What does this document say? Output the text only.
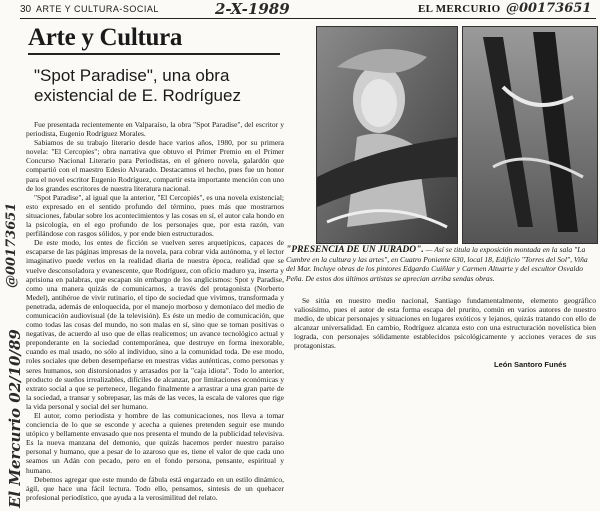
30 ARTE Y CULTURA-SOCIAL	2-X-1989	EL MERCURIO @00173651
@00173651
El Mercurio 02/10/89
Arte y Cultura
"Spot Paradise", una obra existencial de E. Rodríguez

Fue presentada recientemente en Valparaíso, la obra "Spot Paradise", del escritor y periodista, Eugenio Rodríguez Morales.

Sabiamos de su trabajo literario desde hace varios años, 1980, por su primera novela: "El Cercopies"; obra narrativa que obtuvo el Primer Premio en el Primer Concurso Nacional Literario para Periodistas, en el género novela, galardón que compartió con el maestro Edesio Alvarado. Destacamos el hecho, pues fue un honor para el novel escritor Eugenio Rodríguez, compartir esta importante mención con uno de los grandes escritores de nuestra literatura nacional.

"Spot Paradise", al igual que la anterior, "El Cercopiés", es una novela existencial; esto expresado en el sentido profundo del término, pues más que mostrarnos situaciones, fabular sobre los acontecimientos y las cosas en sí, el autor cala hondo en la psicología, en el ego profundo de los personajes que, por esta razón, van perfilándose con rasgos sólidos, y por ende bien estructurados.

De este modo, los entes de ficción se vuelven seres arquetípicos, capaces de escaparse de las páginas impresas de la novela, para cobrar vida autónoma, y el lector imaginativo puede verlos en la realidad diaria de nuestra época, realidad que se vuelve desconsoladora y evanescente, que Rodríguez, con oficio maduro ya, inserta y aprisiona en palabras, que escapan sin embargo de los anglicismos: Spot y Paradise, como una manera quizás de comunicarnos, a través del protagonista (Norberto Medel), antihéroe de vivir rutinario, el tipo de sociedad que vivimos, transformada y penetrada, además de enloquecida, por el manejo morboso y demoníaco del medio de comunicación audiovisual (de la televisión). Es éste un medio de comunicación, que como todas las cosas del mundo, no son malas en sí, sino que se tornan positivas o negativas, de acuerdo al uso que de ellas realicemos; un avance tecnológico actual y preponderante en la sociedad contemporánea, que destruye en forma inexorable, cuando es mal usado, no sólo al individuo, sino a la comunidad toda. De ese modo, roles sociales que deben desempeñarse en nuestras vidas auténticas, como personas y seres humanos, son distorsionados y arrasados por la "caja idiota". Todo lo anterior, producto de sueños irrealizables, difíciles de alcanzar, por limitaciones económicas y extrato social a que se pertenece, llegando finalmente a arrastrar a una gran parte de la sociedad, a transar y sobrepasar, las más de las veces, la escala de valores que rige la vida personal y social del ser humano.

El autor, como periodista y hombre de las comunicaciones, nos lleva a tomar conciencia de lo que se esconde y acecha a quienes pretenden seguir ese mundo utópico y bellamente envasado que nos presenta el mundo de la publicidad televisiva. Es la nueva manzana del demonio, que quizás hacemos perder nuestro paraíso personal y humano, que a pesar de lo azaroso que es, tiene el valor de que cada uno seamos un Adán con pecado, pero en el fondo persona, pensante, espiritual y humano.

Debemos agregar que este mundo de fábula está engarzado en un estilo dinámico, ágil, que hace una fácil lectura. Todo ello, pensamos, sintesis de un quehacer profesional periodístico, que ayuda a la verosimilitud del relato.

"PRESENCIA DE UN JURADO". — Así se titula la exposición montada en la sala "La Cumbre en la cultura y las artes", en Cuatro Poniente 630, local 18, Edificio "Torres del Sol", Viña del Mar. Incluye obras de los pintores Edgardo Cuiñlar y Carmen Altuarte y del escultor Osvaldo Peña. De estos dos últimos artistas se aprecian arriba sendas obras.

Se sitúa en nuestro medio nacional, Santiago fundamentalmente, elemento geográfico valiosísimo, pues el autor de esta forma escapa del prurito, común en varios autores de nuestro medio, de ubicar personajes y situaciones en lugares exóticos y lejanos, quizás tratando con ello de alcanzar universalidad. En cambio, Rodríguez alcanza esto con una estructuración novelística bien lograda, con personajes sólidamente establecidos psicológicamente y acciones veraces de sus protagonistas.

León Santoro Funés
